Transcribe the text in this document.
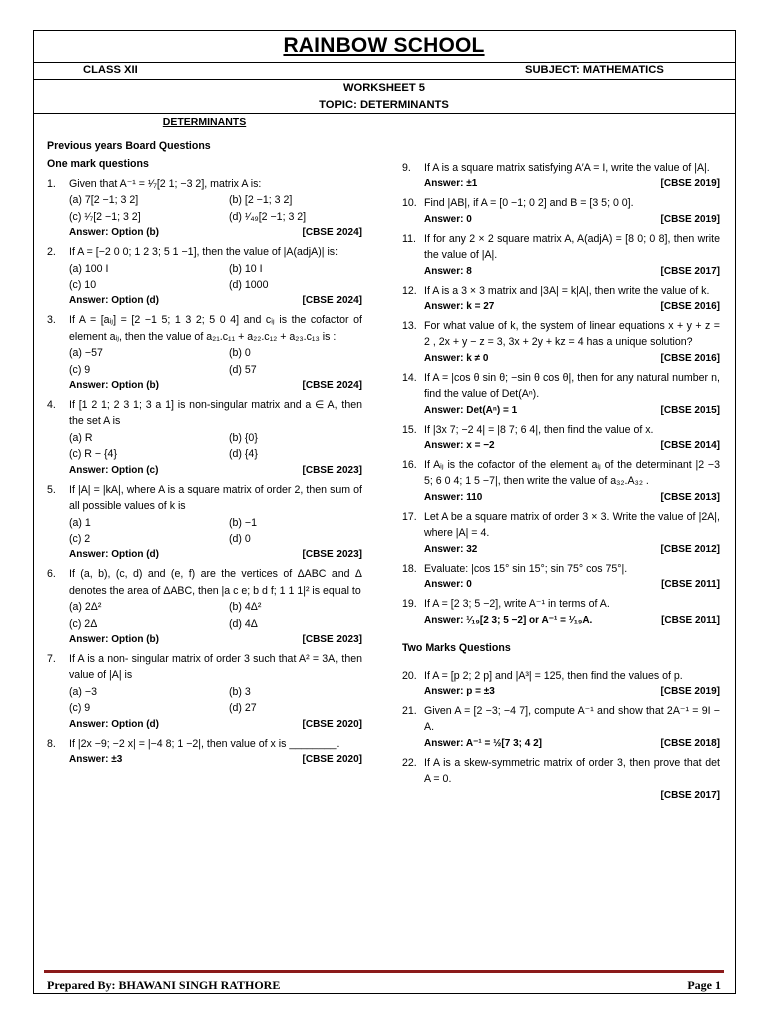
RAINBOW SCHOOL
CLASS XII	SUBJECT: MATHEMATICS
WORKSHEET 5
TOPIC: DETERMINANTS
DETERMINANTS
Previous years Board Questions
One mark questions
1.	Given that A⁻¹ = ¹⁄₇[2 1; −3 2], matrix A is:
(a) 7[2 −1; 3 2]	(b) [2 −1; 3 2]
(c) ¹⁄₇[2 −1; 3 2]	(d) ¹⁄₄₉[2 −1; 3 2]
Answer: Option (b)	[CBSE 2024]
2.	If A = [−2 0 0; 1 2 3; 5 1 −1], then the value of |A(adjA)| is:
(a) 100 I	(b) 10 I
(c) 10	(d) 1000
Answer: Option (d)	[CBSE 2024]
3.	If A = [aᵢⱼ] = [2 −1 5; 1 3 2; 5 0 4] and cᵢⱼ is the cofactor of element aᵢⱼ, then the value of a₂₁.c₁₁ + a₂₂.c₁₂ + a₂₃.c₁₃ is :
(a) −57	(b) 0
(c) 9	(d) 57
Answer: Option (b)	[CBSE 2024]
4.	If [1 2 1; 2 3 1; 3 a 1] is non-singular matrix and a ∈ A, then the set A is
(a) R	(b) {0}
(c) R − {4}	(d) {4}
Answer: Option (c)	[CBSE 2023]
5.	If |A| = |kA|, where A is a square matrix of order 2, then sum of all possible values of k is
(a) 1	(b) −1
(c) 2	(d) 0
Answer: Option (d)	[CBSE 2023]
6.	If (a, b), (c, d) and (e, f) are the vertices of ΔABC and Δ denotes the area of ΔABC, then |a c e; b d f; 1 1 1|² is equal to
(a) 2Δ²	(b) 4Δ²
(c) 2Δ	(d) 4Δ
Answer: Option (b)	[CBSE 2023]
7.	If A is a non- singular matrix of order 3 such that A² = 3A, then value of |A| is
(a) −3	(b) 3
(c) 9	(d) 27
Answer: Option (d)	[CBSE 2020]
8.	If |2x −9; −2 x| = |−4 8; 1 −2|, then value of x is ________.
Answer: ±3	[CBSE 2020]
9.	If A is a square matrix satisfying A′A = I, write the value of |A|.
Answer: ±1	[CBSE 2019]
10. Find |AB|, if A = [0 −1; 0 2] and B = [3 5; 0 0].
Answer: 0	[CBSE 2019]
11. If for any 2 × 2 square matrix A, A(adjA) = [8 0; 0 8], then write the value of |A|.
Answer: 8	[CBSE 2017]
12. If A is a 3 × 3 matrix and |3A| = k|A|, then write the value of k.
Answer: k = 27	[CBSE 2016]
13. For what value of k, the system of linear equations x + y + z = 2 , 2x + y − z = 3, 3x + 2y + kz = 4 has a unique solution?
Answer: k ≠ 0	[CBSE 2016]
14. If A = |cos θ sin θ; −sin θ cos θ|, then for any natural number n, find the value of Det(Aⁿ).
Answer: Det(Aⁿ) = 1	[CBSE 2015]
15. If |3x 7; −2 4| = |8 7; 6 4|, then find the value of x.
Answer: x = −2	[CBSE 2014]
16. If Aᵢⱼ is the cofactor of the element aᵢⱼ of the determinant |2 −3 5; 6 0 4; 1 5 −7|, then write the value of a₃₂.A₃₂ .
Answer: 110	[CBSE 2013]
17. Let A be a square matrix of order 3 × 3. Write the value of |2A|, where |A| = 4.
Answer: 32	[CBSE 2012]
18. Evaluate: |cos 15° sin 15°; sin 75° cos 75°|.
Answer: 0	[CBSE 2011]
19. If A = [2 3; 5 −2], write A⁻¹ in terms of A.
Answer: ¹⁄₁₉[2 3; 5 −2] or A⁻¹ = ¹⁄₁₉A.	[CBSE 2011]
Two Marks Questions
20. If A = [p 2; 2 p] and |A³| = 125, then find the values of p.
Answer: p = ±3	[CBSE 2019]
21. Given A = [2 −3; −4 7], compute A⁻¹ and show that 2A⁻¹ = 9I − A.
Answer: A⁻¹ = ½[7 3; 4 2]	[CBSE 2018]
22. If A is a skew-symmetric matrix of order 3, then prove that det A = 0.
[CBSE 2017]
Prepared By: BHAWANI SINGH RATHORE	Page 1
